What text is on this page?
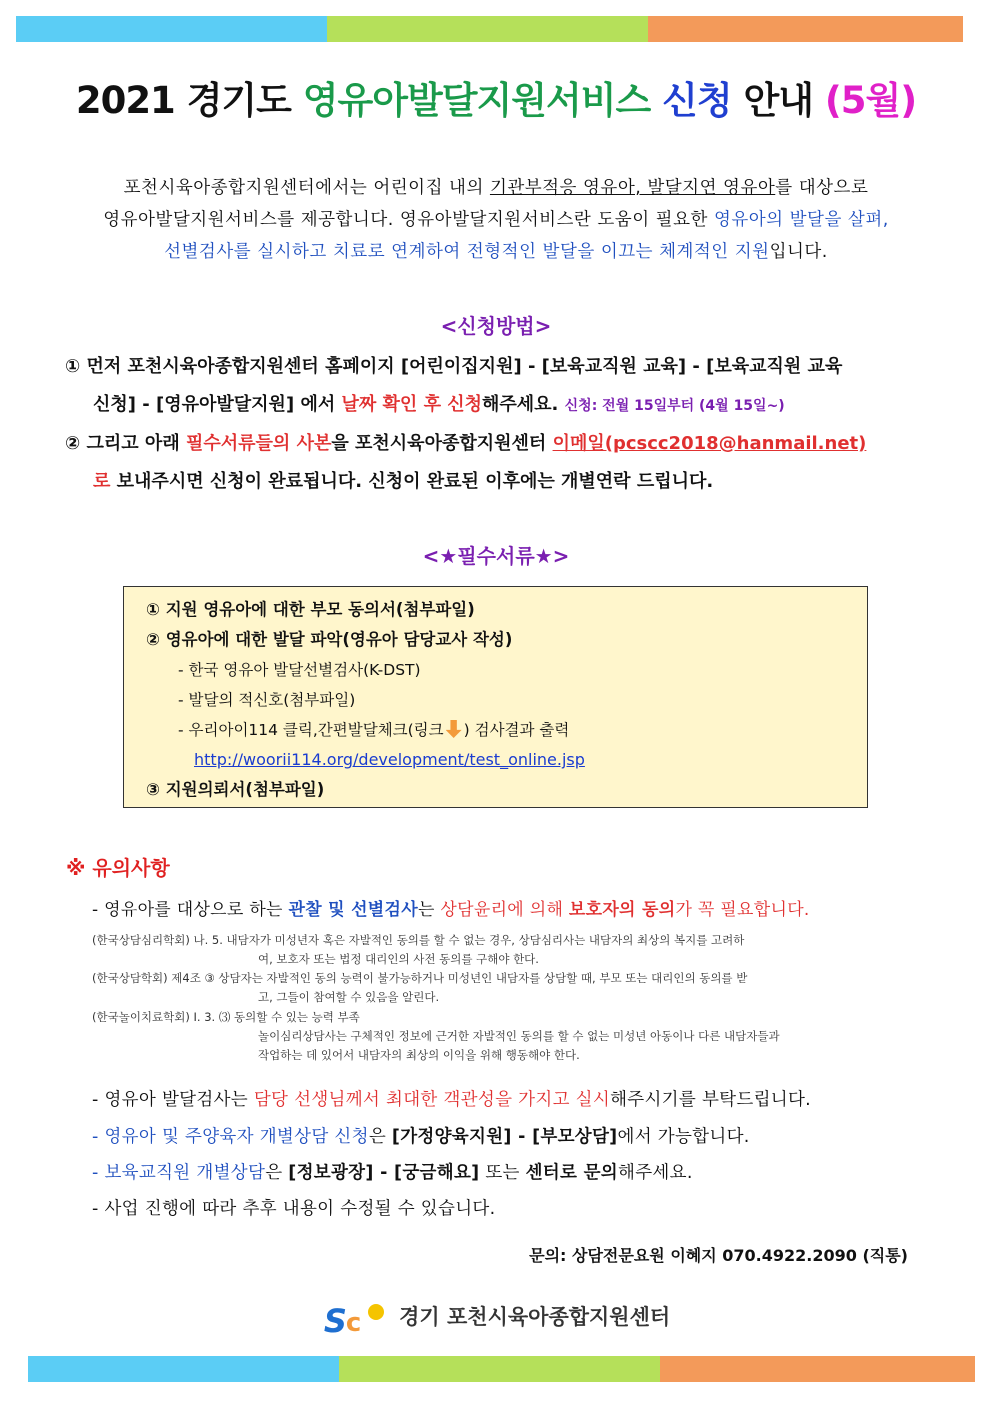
2021 경기도 영유아발달지원서비스 신청 안내 (5월)
포천시육아종합지원센터에서는 어린이집 내의 기관부적응 영유아, 발달지연 영유아를 대상으로
영유아발달지원서비스를 제공합니다. 영유아발달지원서비스란 도움이 필요한 영유아의 발달을 살펴,
선별검사를 실시하고 치료로 연계하여 전형적인 발달을 이끄는 체계적인 지원입니다.
<신청방법>
① 먼저 포천시육아종합지원센터 홈페이지 [어린이집지원] - [보육교직원 교육] - [보육교직원 교육
신청] - [영유아발달지원] 에서 날짜 확인 후 신청해주세요. 신청: 전월 15일부터 (4월 15일~)
② 그리고 아래 필수서류들의 사본을 포천시육아종합지원센터 이메일(pcscc2018@hanmail.net)
로 보내주시면 신청이 완료됩니다. 신청이 완료된 이후에는 개별연락 드립니다.
<★필수서류★>
① 지원 영유아에 대한 부모 동의서(첨부파일)
② 영유아에 대한 발달 파악(영유아 담당교사 작성)
- 한국 영유아 발달선별검사(K-DST)
- 발달의 적신호(첨부파일)
- 우리아이114 클릭,간편발달체크(링크 ) 검사결과 출력
http://woorii114.org/development/test_online.jsp
③ 지원의뢰서(첨부파일)
※ 유의사항
- 영유아를 대상으로 하는 관찰 및 선별검사는 상담윤리에 의해 보호자의 동의가 꼭 필요합니다.
(한국상담심리학회) 나. 5. 내담자가 미성년자 혹은 자발적인 동의를 할 수 없는 경우, 상담심리사는 내담자의 최상의 복지를 고려하
여, 보호자 또는 법정 대리인의 사전 동의를 구해야 한다.
(한국상담학회) 제4조 ③ 상담자는 자발적인 동의 능력이 불가능하거나 미성년인 내담자를 상담할 때, 부모 또는 대리인의 동의를 받
고, 그들이 참여할 수 있음을 알린다.
(한국놀이치료학회) Ⅰ. 3. ⑶ 동의할 수 있는 능력 부족
놀이심리상담사는 구체적인 정보에 근거한 자발적인 동의를 할 수 없는 미성년 아동이나 다른 내담자들과
작업하는 데 있어서 내담자의 최상의 이익을 위해 행동해야 한다.
- 영유아 발달검사는 담당 선생님께서 최대한 객관성을 가지고 실시해주시기를 부탁드립니다.
- 영유아 및 주양육자 개별상담 신청은 [가정양육지원] - [부모상담]에서 가능합니다.
- 보육교직원 개별상담은 [정보광장] - [궁금해요] 또는 센터로 문의해주세요.
- 사업 진행에 따라 추후 내용이 수정될 수 있습니다.
문의: 상담전문요원 이혜지 070.4922.2090 (직통)
S
c 경기 포천시육아종합지원센터
